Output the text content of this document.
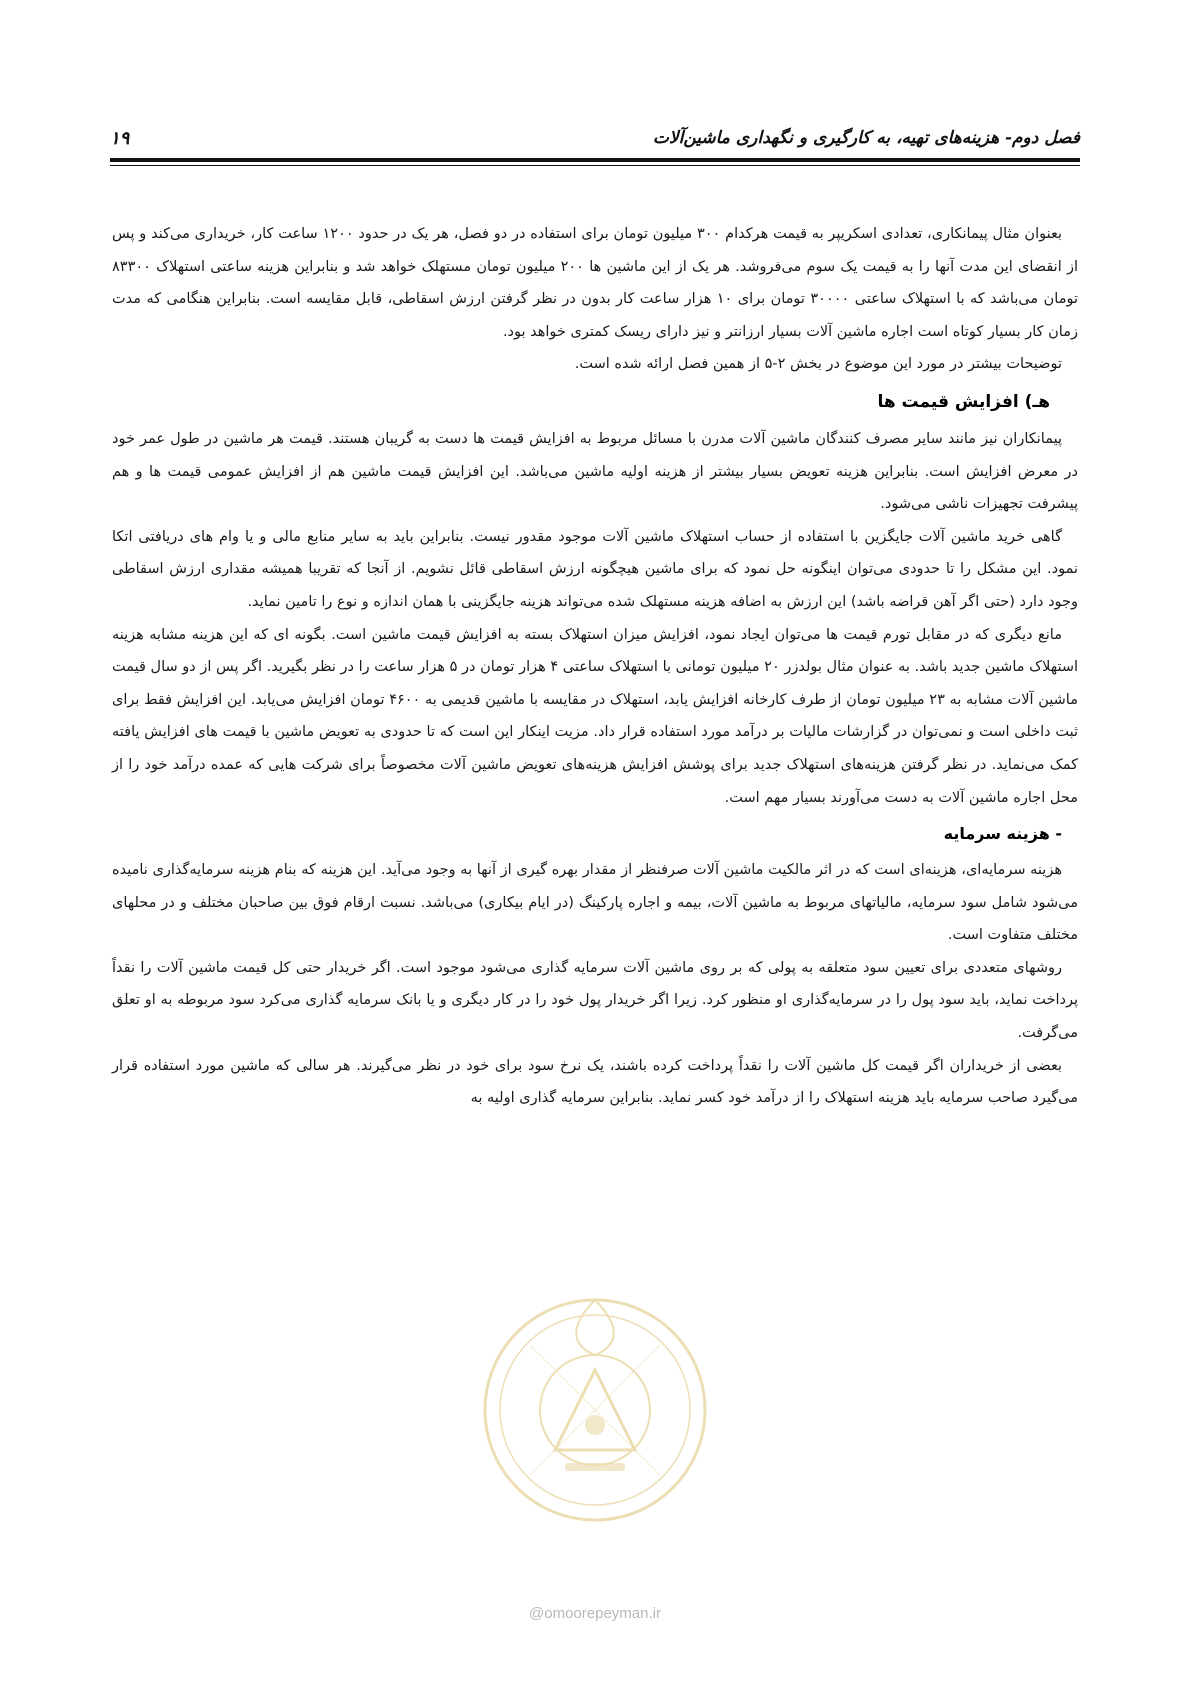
فصل دوم- هزینه‌های تهیه، به کارگیری و نگهداری ماشین‌آلات
۱۹

بعنوان مثال پیمانکاری، تعدادی اسکریپر به قیمت هرکدام ۳۰۰ میلیون تومان برای استفاده در دو فصل، هر یک در حدود ۱۲۰۰ ساعت کار، خریداری می‌کند و پس از انقضای این مدت آنها را به قیمت یک سوم می‌فروشد. هر یک از این ماشین ها ۲۰۰ میلیون تومان مستهلک خواهد شد و بنابراین هزینه ساعتی استهلاک ۸۳۳۰۰ تومان می‌باشد که با استهلاک ساعتی ۳۰۰۰۰ تومان برای ۱۰ هزار ساعت کار بدون در نظر گرفتن ارزش اسقاطی، قابل مقایسه است. بنابراین هنگامی که مدت زمان کار بسیار کوتاه است اجاره ماشین آلات بسیار ارزانتر و نیز دارای ریسک کمتری خواهد بود.

توضیحات بیشتر در مورد این موضوع در بخش ۲-۵ از همین فصل ارائه شده است.

هـ) افزایش قیمت ها

پیمانکاران نیز مانند سایر مصرف کنندگان ماشین آلات مدرن با مسائل مربوط به افزایش قیمت ها دست به گریبان هستند. قیمت هر ماشین در طول عمر خود در معرض افزایش است. بنابراین هزینه تعویض بسیار بیشتر از هزینه اولیه ماشین می‌باشد. این افزایش قیمت ماشین هم از افزایش عمومی قیمت ها و هم پیشرفت تجهیزات ناشی می‌شود.

گاهی خرید ماشین آلات جایگزین با استفاده از حساب استهلاک ماشین آلات موجود مقدور نیست. بنابراین باید به سایر منابع مالی و یا وام های دریافتی اتکا نمود. این مشکل را تا حدودی می‌توان اینگونه حل نمود که برای ماشین هیچگونه ارزش اسقاطی قائل نشویم. از آنجا که تقریبا همیشه مقداری ارزش اسقاطی وجود دارد (حتی اگر آهن قراضه باشد) این ارزش به اضافه هزینه مستهلک شده می‌تواند هزینه جایگزینی با همان اندازه و نوع را تامین نماید.

مانع دیگری که در مقابل تورم قیمت ها می‌توان ایجاد نمود، افزایش میزان استهلاک بسته به افزایش قیمت ماشین است. بگونه ای که این هزینه مشابه هزینه استهلاک ماشین جدید باشد. به عنوان مثال بولدزر ۲۰ میلیون تومانی با استهلاک ساعتی ۴ هزار تومان در ۵ هزار ساعت را در نظر بگیرید. اگر پس از دو سال قیمت ماشین آلات مشابه به ۲۳ میلیون تومان از طرف کارخانه افزایش یابد، استهلاک در مقایسه با ماشین قدیمی به ۴۶۰۰ تومان افزایش می‌یابد. این افزایش فقط برای ثبت داخلی است و نمی‌توان در گزارشات مالیات بر درآمد مورد استفاده قرار داد. مزیت اینکار این است که تا حدودی به تعویض ماشین با قیمت های افزایش یافته کمک می‌نماید. در نظر گرفتن هزینه‌های استهلاک جدید برای پوشش افزایش هزینه‌های تعویض ماشین آلات مخصوصاً برای شرکت هایی که عمده درآمد خود را از محل اجاره ماشین آلات به دست می‌آورند بسیار مهم است.

- هزینه سرمایه

هزینه سرمایه‌ای، هزینه‌ای است که در اثر مالکیت ماشین آلات صرفنظر از مقدار بهره گیری از آنها به وجود می‌آید. این هزینه که بنام هزینه سرمایه‌گذاری نامیده می‌شود شامل سود سرمایه، مالیاتهای مربوط به ماشین آلات، بیمه و اجاره پارکینگ (در ایام بیکاری) می‌باشد. نسبت ارقام فوق بین صاحبان مختلف و در محلهای مختلف متفاوت است.

روشهای متعددی برای تعیین سود متعلقه به پولی که بر روی ماشین آلات سرمایه گذاری می‌شود موجود است. اگر خریدار حتی کل قیمت ماشین آلات را نقداً پرداخت نماید، باید سود پول را در سرمایه‌گذاری او منظور کرد. زیرا اگر خریدار پول خود را در کار دیگری و یا بانک سرمایه گذاری می‌کرد سود مربوطه به او تعلق می‌گرفت.

بعضی از خریداران اگر قیمت کل ماشین آلات را نقداً پرداخت کرده باشند، یک نرخ سود برای خود در نظر می‌گیرند. هر سالی که ماشین مورد استفاده قرار می‌گیرد صاحب سرمایه باید هزینه استهلاک را از درآمد خود کسر نماید. بنابراین سرمایه گذاری اولیه به

@omoorepeyman.ir
